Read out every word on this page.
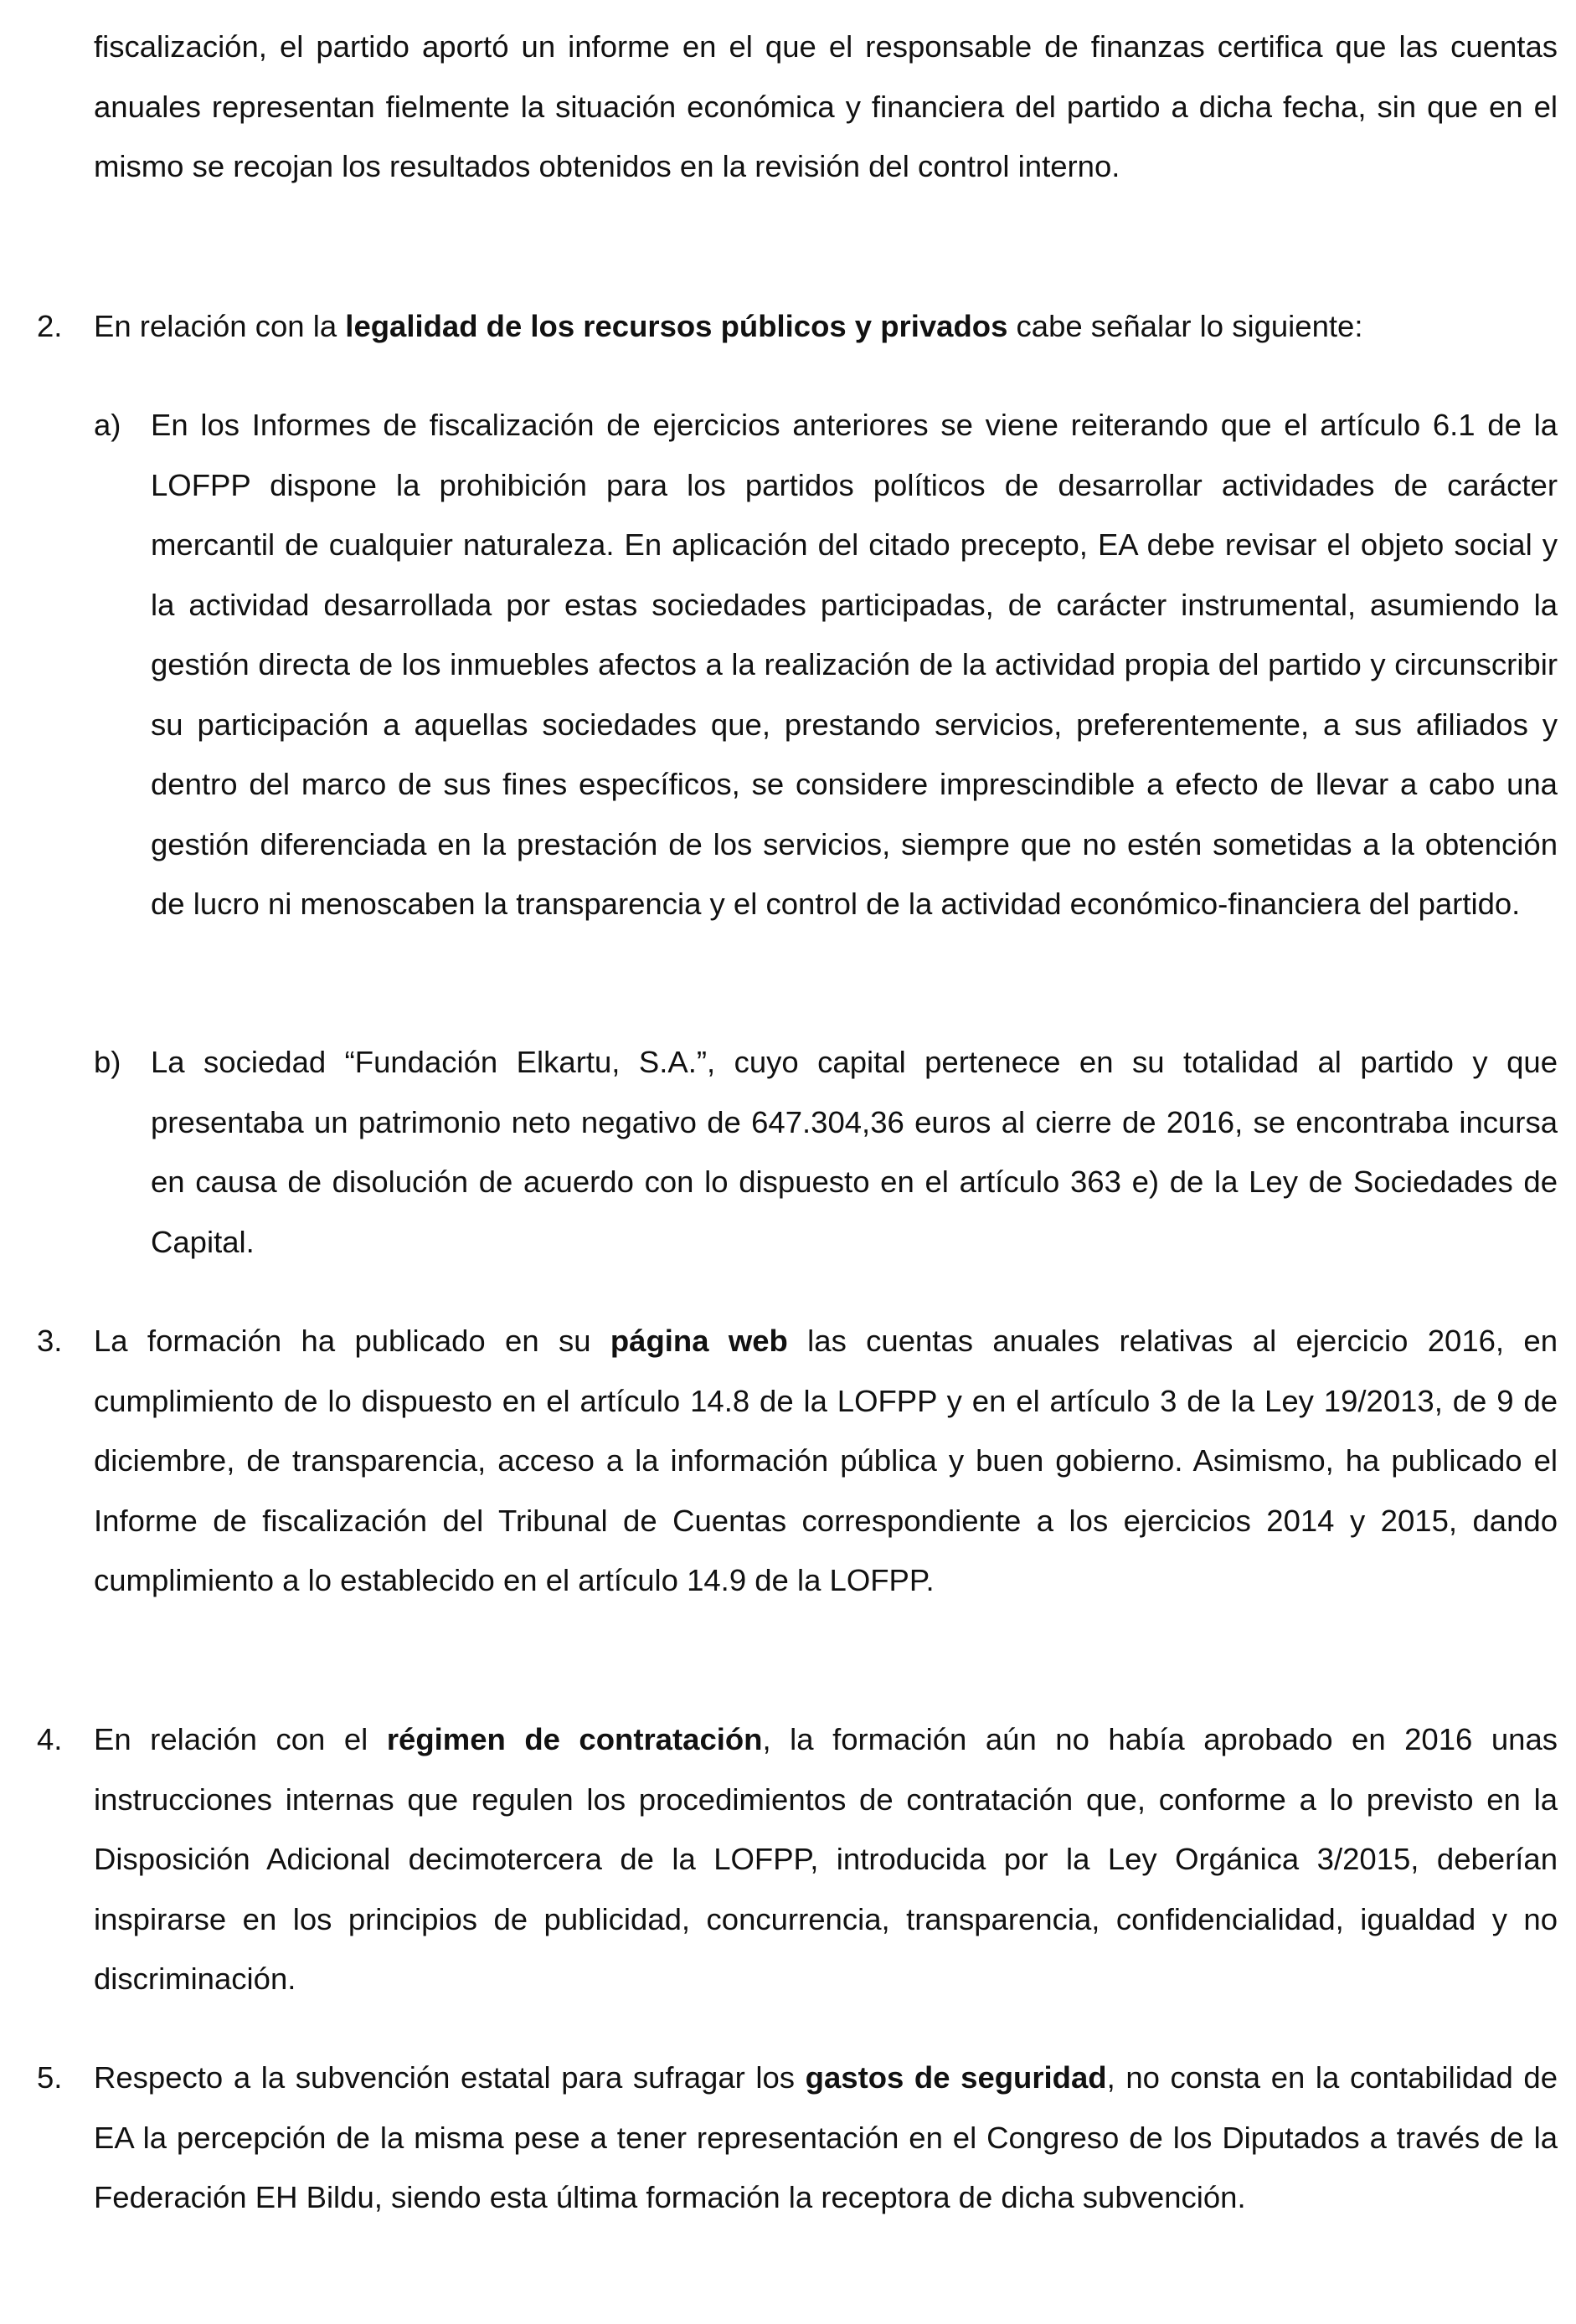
fiscalización, el partido aportó un informe en el que el responsable de finanzas certifica que las cuentas anuales representan fielmente la situación económica y financiera del partido a dicha fecha, sin que en el mismo se recojan los resultados obtenidos en la revisión del control interno.

2. En relación con la legalidad de los recursos públicos y privados cabe señalar lo siguiente:

a) En los Informes de fiscalización de ejercicios anteriores se viene reiterando que el artículo 6.1 de la LOFPP dispone la prohibición para los partidos políticos de desarrollar actividades de carácter mercantil de cualquier naturaleza. En aplicación del citado precepto, EA debe revisar el objeto social y la actividad desarrollada por estas sociedades participadas, de carácter instrumental, asumiendo la gestión directa de los inmuebles afectos a la realización de la actividad propia del partido y circunscribir su participación a aquellas sociedades que, prestando servicios, preferentemente, a sus afiliados y dentro del marco de sus fines específicos, se considere imprescindible a efecto de llevar a cabo una gestión diferenciada en la prestación de los servicios, siempre que no estén sometidas a la obtención de lucro ni menoscaben la transparencia y el control de la actividad económico-financiera del partido.

b) La sociedad “Fundación Elkartu, S.A.”, cuyo capital pertenece en su totalidad al partido y que presentaba un patrimonio neto negativo de 647.304,36 euros al cierre de 2016, se encontraba incursa en causa de disolución de acuerdo con lo dispuesto en el artículo 363 e) de la Ley de Sociedades de Capital.

3. La formación ha publicado en su página web las cuentas anuales relativas al ejercicio 2016, en cumplimiento de lo dispuesto en el artículo 14.8 de la LOFPP y en el artículo 3 de la Ley 19/2013, de 9 de diciembre, de transparencia, acceso a la información pública y buen gobierno. Asimismo, ha publicado el Informe de fiscalización del Tribunal de Cuentas correspondiente a los ejercicios 2014 y 2015, dando cumplimiento a lo establecido en el artículo 14.9 de la LOFPP.

4. En relación con el régimen de contratación, la formación aún no había aprobado en 2016 unas instrucciones internas que regulen los procedimientos de contratación que, conforme a lo previsto en la Disposición Adicional decimotercera de la LOFPP, introducida por la Ley Orgánica 3/2015, deberían inspirarse en los principios de publicidad, concurrencia, transparencia, confidencialidad, igualdad y no discriminación.

5. Respecto a la subvención estatal para sufragar los gastos de seguridad, no consta en la contabilidad de EA la percepción de la misma pese a tener representación en el Congreso de los Diputados a través de la Federación EH Bildu, siendo esta última formación la receptora de dicha subvención.
